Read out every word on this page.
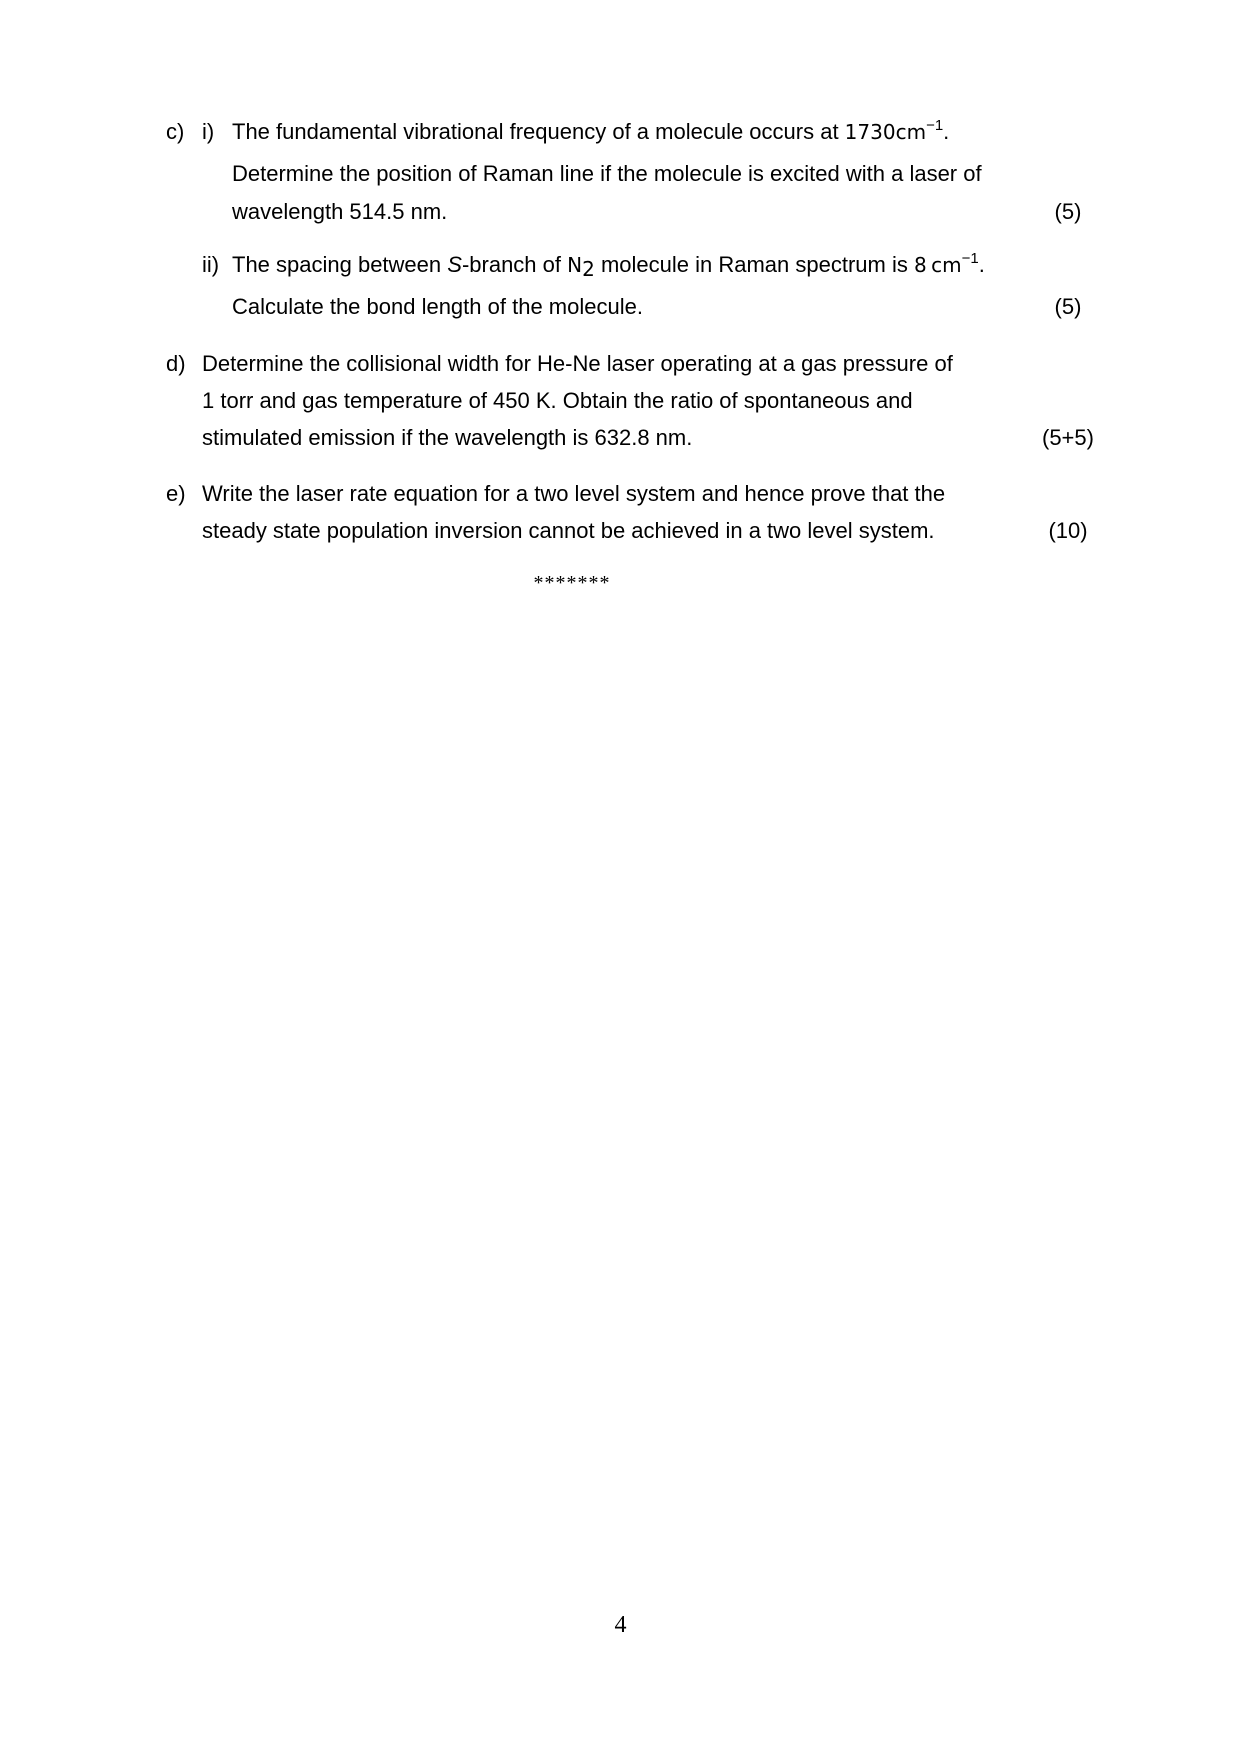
c) i) The fundamental vibrational frequency of a molecule occurs at $1730cm^{-1}$.
Determine the position of Raman line if the molecule is excited with a laser of
wavelength 514.5 nm.	(5)
ii) The spacing between S-branch of $N_2$ molecule in Raman spectrum is 8  $cm^{-1}$.
Calculate the bond length of the molecule.	(5)
d) Determine the collisional width for He-Ne laser operating at a gas pressure of
1 torr and gas temperature of 450 K. Obtain the ratio of spontaneous and
stimulated emission if the wavelength is 632.8 nm.	(5+5)
e) Write the laser rate equation for a two level system and hence prove that the
steady state population inversion cannot be achieved in a two level system.	(10)
*******
4
